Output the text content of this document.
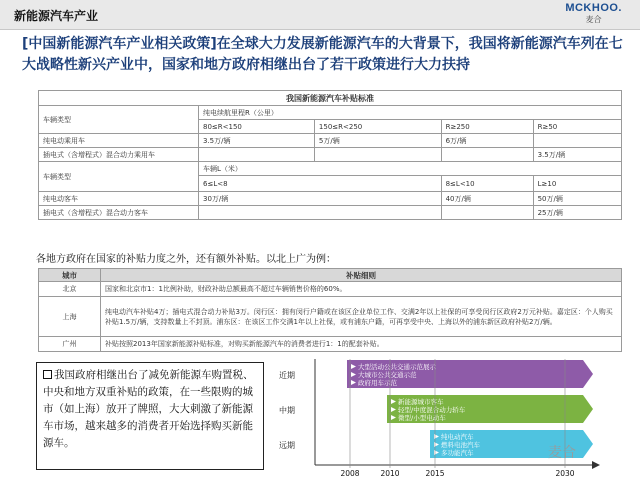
新能源汽车产业
MCKHOO.
麦合
[中国新能源汽车产业相关政策]在全球大力发展新能源汽车的大背景下，我国将新能源汽车列在七大战略性新兴产业中，国家和地方政府相继出台了若干政策进行大力扶持
我国新能源汽车补贴标准				
车辆类型	纯电续航里程R（公里）			
	80≤R<150	150≤R<250	R≥250	R≥50
纯电动乘用车	3.5万/辆	5万/辆	6万/辆	
插电式（含增程式）混合动力乘用车				3.5万/辆
车辆类型	车辆L（米）			
	6≤L<8		8≤L<10	L≥10
纯电动客车	30万/辆		40万/辆	50万/辆
插电式（含增程式）混合动力客车				25万/辆
各地方政府在国家的补贴力度之外，还有额外补贴。以北上广为例：
城市	补贴细则
北京	国家和北京市1：1比例补助，财政补助总额最高不超过车辆销售价格的60%。
上海	纯电动汽车补贴4万；插电式混合动力补贴3万。闵行区：拥有闵行户籍或在该区企业单位工作、交满2年以上社保的可享受闵行区政府2万元补贴。嘉定区：个人购买补贴1.5万/辆，支持数量上不封顶。浦东区：在该区工作交满1年以上社保，或有浦东户籍，可再享受中央、上海以外的浦东新区政府补贴2万/辆。
广州	补贴按照2013年国家新能源补贴标准，对购买新能源汽车的消费者进行1：1的配套补贴。
我国政府相继出台了减免新能源车购置税、中央和地方双重补贴的政策，在一些限购的城市（如上海）放开了牌照，大大刺激了新能源车市场，越来越多的消费者开始选择购买新能源车。
近期
大型活动公共交通示范展示
大城市公共交通示范
政府用车示范
中期
新能源城市客车
轻型/中度混合动力轿车
微型/小型电动车
远期
纯电动汽车
燃料电池汽车
多功能汽车
2008	2010	2015	2030
麦合
